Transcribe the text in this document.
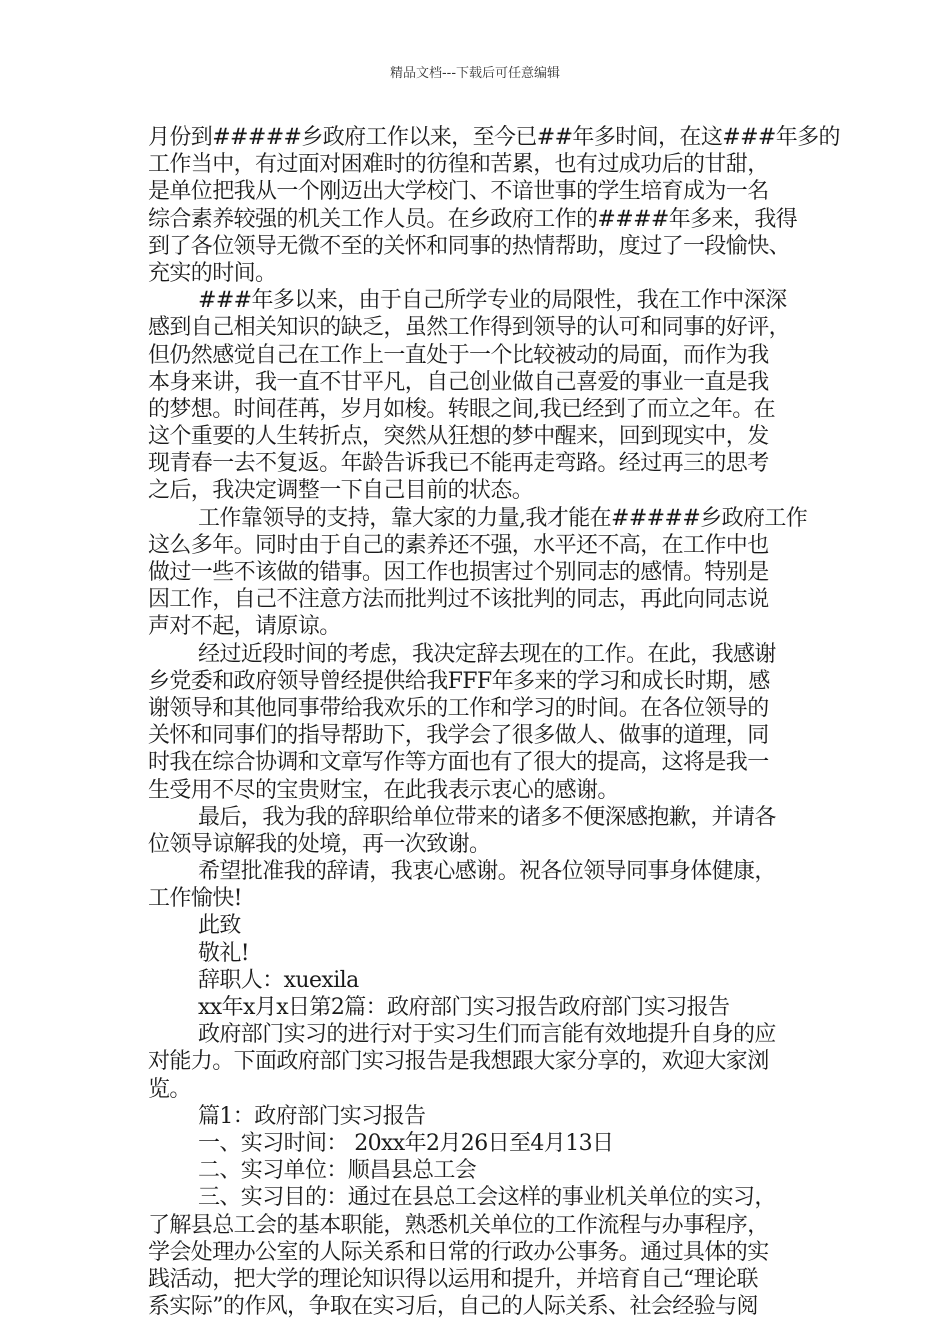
精品文档---下载后可任意编辑
月份到#####乡政府工作以来，至今已##年多时间，在这###年多的
工作当中，有过面对困难时的彷徨和苦累，也有过成功后的甘甜，
是单位把我从一个刚迈出大学校门、不谙世事的学生培育成为一名
综合素养较强的机关工作人员。在乡政府工作的####年多来，我得
到了各位领导无微不至的关怀和同事的热情帮助，度过了一段愉快、
充实的时间。
###年多以来，由于自己所学专业的局限性，我在工作中深深
感到自己相关知识的缺乏，虽然工作得到领导的认可和同事的好评，
但仍然感觉自己在工作上一直处于一个比较被动的局面，而作为我
本身来讲，我一直不甘平凡，自己创业做自己喜爱的事业一直是我
的梦想。时间荏苒，岁月如梭。转眼之间,我已经到了而立之年。在
这个重要的人生转折点，突然从狂想的梦中醒来，回到现实中，发
现青春一去不复返。年龄告诉我已不能再走弯路。经过再三的思考
之后，我决定调整一下自己目前的状态。
工作靠领导的支持，靠大家的力量,我才能在#####乡政府工作
这么多年。同时由于自己的素养还不强，水平还不高，在工作中也
做过一些不该做的错事。因工作也损害过个别同志的感情。特别是
因工作，自己不注意方法而批判过不该批判的同志，再此向同志说
声对不起，请原谅。
经过近段时间的考虑，我决定辞去现在的工作。在此，我感谢
乡党委和政府领导曾经提供给我FFF年多来的学习和成长时期，感
谢领导和其他同事带给我欢乐的工作和学习的时间。在各位领导的
关怀和同事们的指导帮助下，我学会了很多做人、做事的道理，同
时我在综合协调和文章写作等方面也有了很大的提高，这将是我一
生受用不尽的宝贵财宝，在此我表示衷心的感谢。
最后，我为我的辞职给单位带来的诸多不便深感抱歉，并请各
位领导谅解我的处境，再一次致谢。
希望批准我的辞请，我衷心感谢。祝各位领导同事身体健康，
工作愉快!
此致
敬礼!
辞职人：xuexila
xx年x月x日第2篇：政府部门实习报告政府部门实习报告
政府部门实习的进行对于实习生们而言能有效地提升自身的应
对能力。下面政府部门实习报告是我想跟大家分享的，欢迎大家浏
览。
篇1：政府部门实习报告
一、实习时间： 20xx年2月26日至4月13日
二、实习单位：顺昌县总工会
三、实习目的：通过在县总工会这样的事业机关单位的实习，
了解县总工会的基本职能，熟悉机关单位的工作流程与办事程序，
学会处理办公室的人际关系和日常的行政办公事务。通过具体的实
践活动，把大学的理论知识得以运用和提升，并培育自己“理论联
系实际”的作风，争取在实习后，自己的人际关系、社会经验与阅
